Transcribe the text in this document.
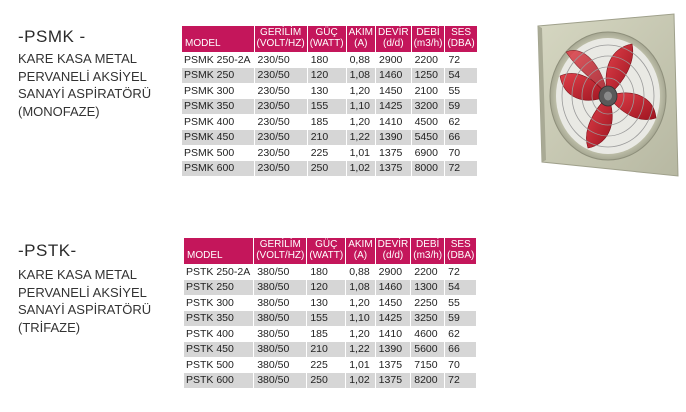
-PSMK -
KARE KASA METAL
PERVANELİ AKSİYEL
SANAYİ ASPİRATÖRÜ
(MONOFAZE)
MODEL	GERİLİM (VOLT/HZ)	GÜÇ (WATT)	AKIM (A)	DEVİR (d/d)	DEBİ (m3/h)	SES (DBA)
PSMK 250-2A	230/50	180	0,88	2900	2200	72
PSMK 250	230/50	120	1,08	1460	1250	54
PSMK 300	230/50	130	1,20	1450	2100	55
PSMK 350	230/50	155	1,10	1425	3200	59
PSMK 400	230/50	185	1,20	1410	4500	62
PSMK 450	230/50	210	1,22	1390	5450	66
PSMK 500	230/50	225	1,01	1375	6900	70
PSMK 600	230/50	250	1,02	1375	8000	72
-PSTK-
KARE KASA METAL
PERVANELİ AKSİYEL
SANAYİ ASPİRATÖRÜ
(TRİFAZE)
MODEL	GERİLİM (VOLT/HZ)	GÜÇ (WATT)	AKIM (A)	DEVİR (d/d)	DEBİ (m3/h)	SES (DBA)
PSTK 250-2A	380/50	180	0,88	2900	2200	72
PSTK 250	380/50	120	1,08	1460	1300	54
PSTK 300	380/50	130	1,20	1450	2250	55
PSTK 350	380/50	155	1,10	1425	3250	59
PSTK 400	380/50	185	1,20	1410	4600	62
PSTK 450	380/50	210	1,22	1390	5600	66
PSTK 500	380/50	225	1,01	1375	7150	70
PSTK 600	380/50	250	1,02	1375	8200	72
